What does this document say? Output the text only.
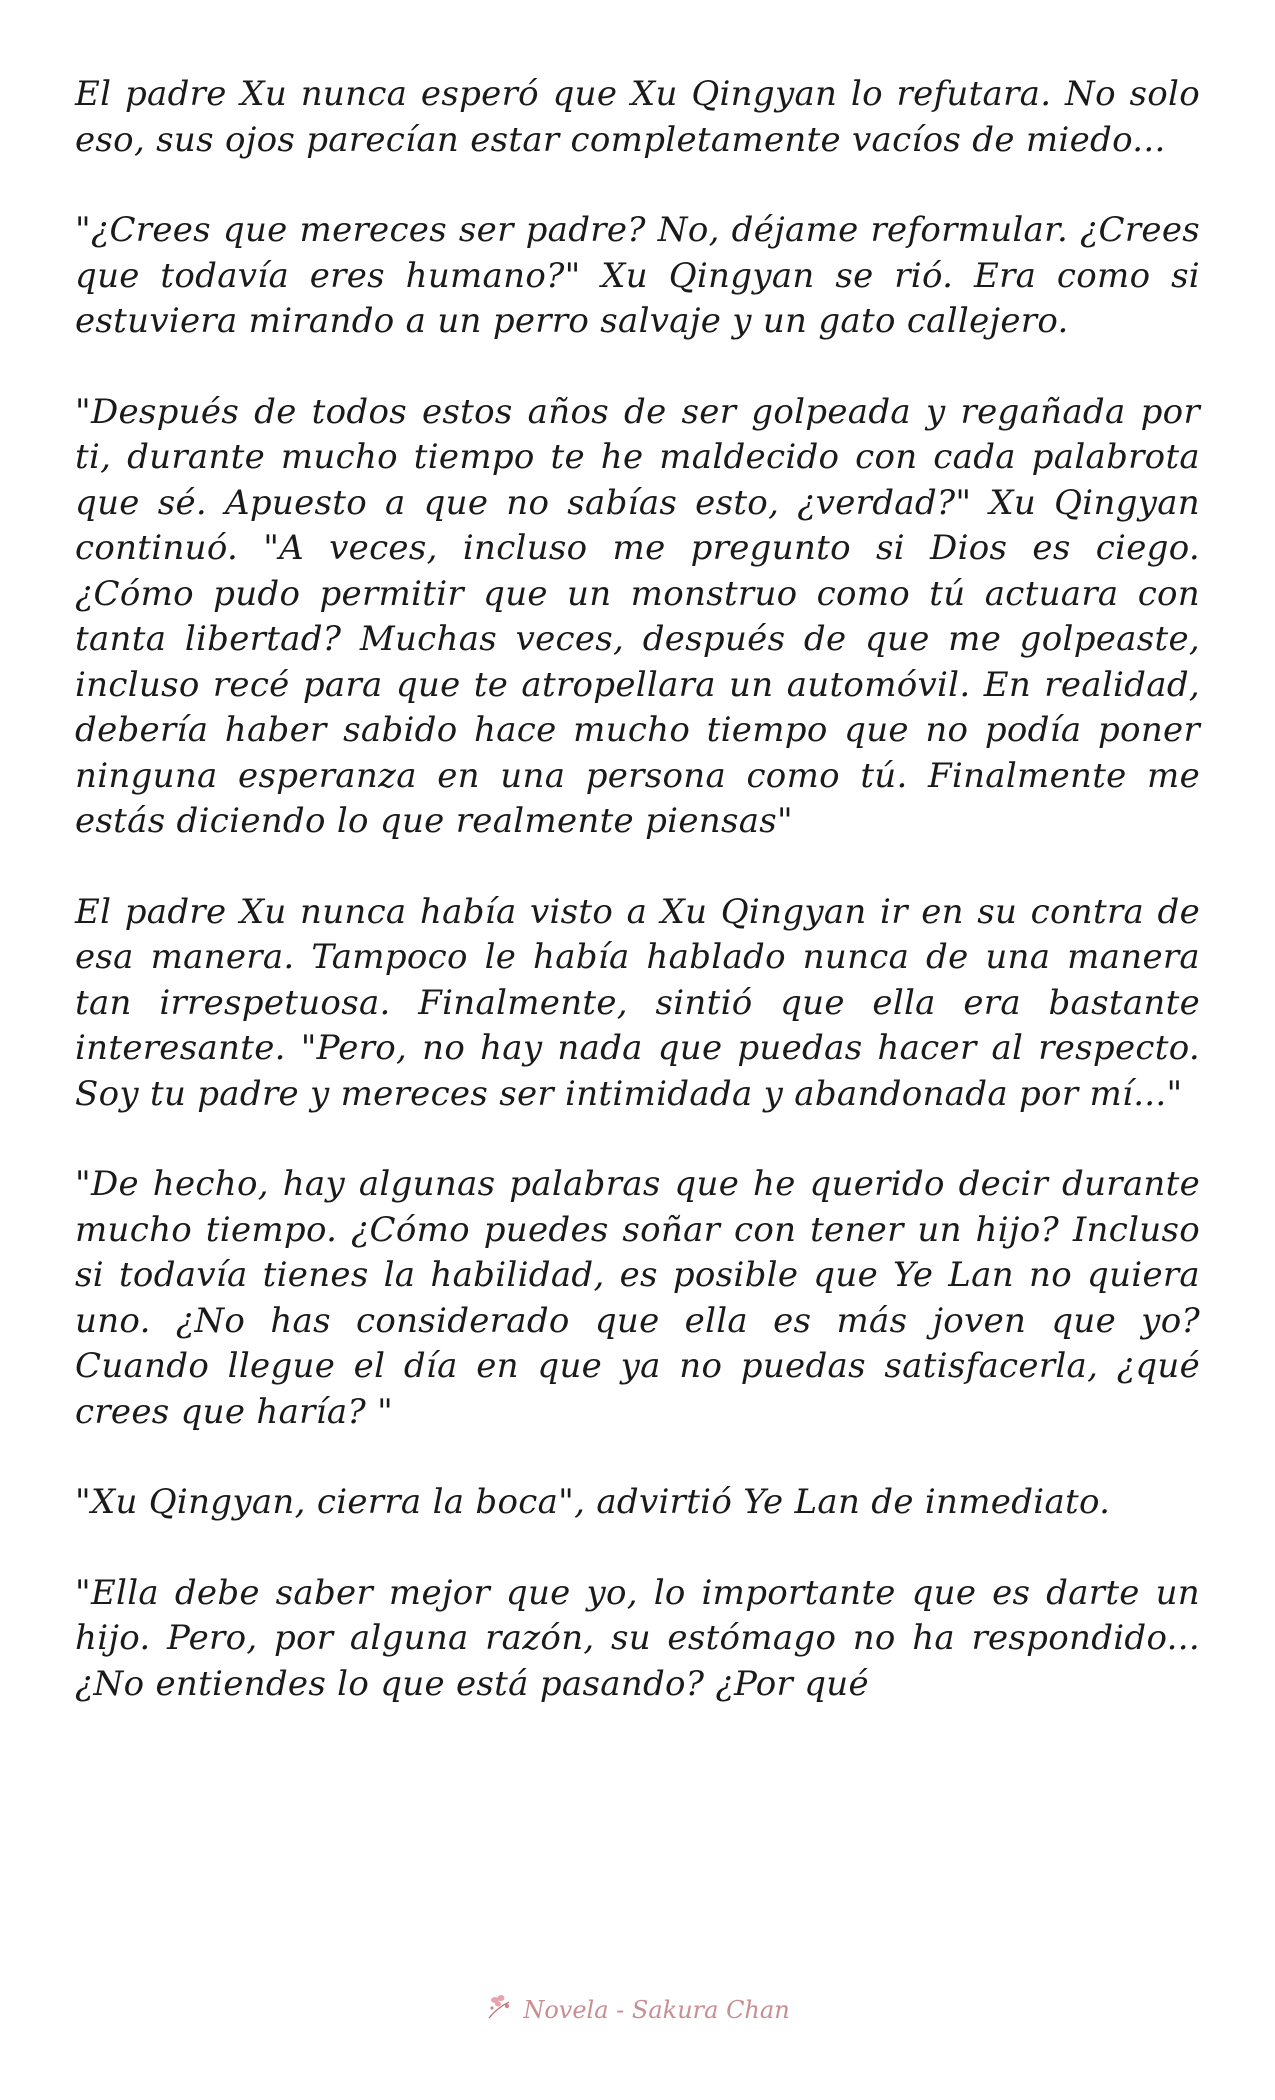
El padre Xu nunca esperó que Xu Qingyan lo refutara. No solo eso, sus ojos parecían estar completamente vacíos de miedo...

"¿Crees que mereces ser padre? No, déjame reformular. ¿Crees que todavía eres humano?" Xu Qingyan se rió. Era como si estuviera mirando a un perro salvaje y un gato callejero.

"Después de todos estos años de ser golpeada y regañada por ti, durante mucho tiempo te he maldecido con cada palabrota que sé. Apuesto a que no sabías esto, ¿verdad?" Xu Qingyan continuó. "A veces, incluso me pregunto si Dios es ciego. ¿Cómo pudo permitir que un monstruo como tú actuara con tanta libertad? Muchas veces, después de que me golpeaste, incluso recé para que te atropellara un automóvil. En realidad, debería haber sabido hace mucho tiempo que no podía poner ninguna esperanza en una persona como tú. Finalmente me estás diciendo lo que realmente piensas"

El padre Xu nunca había visto a Xu Qingyan ir en su contra de esa manera. Tampoco le había hablado nunca de una manera tan irrespetuosa. Finalmente, sintió que ella era bastante interesante. "Pero, no hay nada que puedas hacer al respecto. Soy tu padre y mereces ser intimidada y abandonada por mí..."

"De hecho, hay algunas palabras que he querido decir durante mucho tiempo. ¿Cómo puedes soñar con tener un hijo? Incluso si todavía tienes la habilidad, es posible que Ye Lan no quiera uno. ¿No has considerado que ella es más joven que yo? Cuando llegue el día en que ya no puedas satisfacerla, ¿qué crees que haría? "

"Xu Qingyan, cierra la boca", advirtió Ye Lan de inmediato.

"Ella debe saber mejor que yo, lo importante que es darte un hijo. Pero, por alguna razón, su estómago no ha respondido... ¿No entiendes lo que está pasando? ¿Por qué

Novela - Sakura Chan
